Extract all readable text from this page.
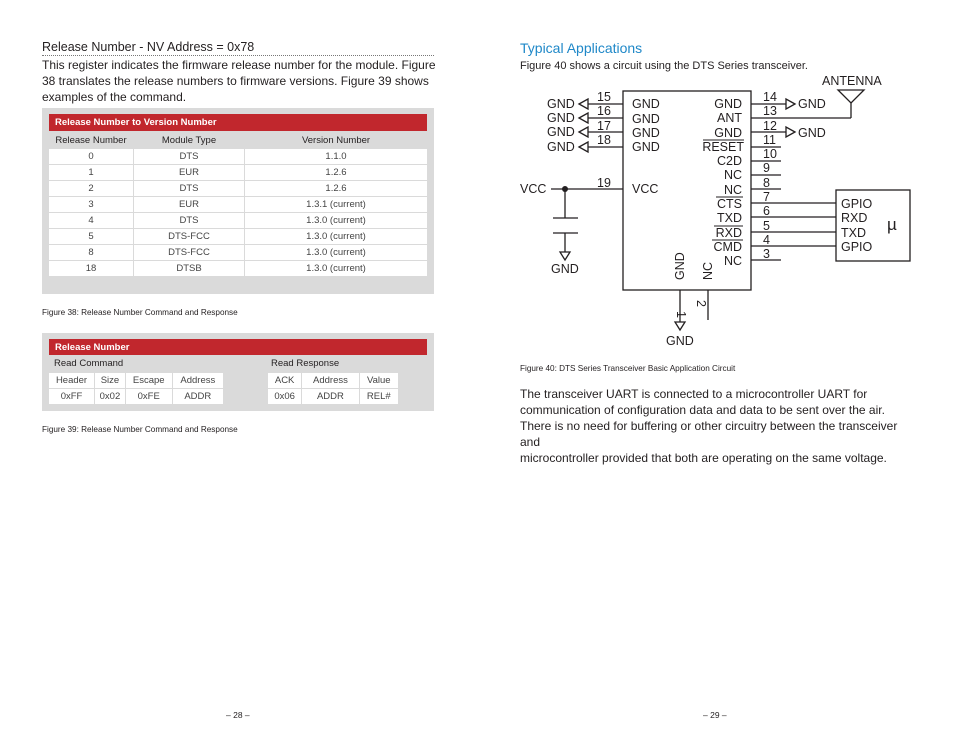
Release Number - NV Address = 0x78
This register indicates the firmware release number for the module. Figure
38 translates the release numbers to firmware versions. Figure 39 shows
examples of the command.
Release Number to Version Number
Release Number	Module Type	Version Number
0	DTS	1.1.0
1	EUR	1.2.6
2	DTS	1.2.6
3	EUR	1.3.1 (current)
4	DTS	1.3.0 (current)
5	DTS-FCC	1.3.0 (current)
8	DTS-FCC	1.3.0 (current)
18	DTSB	1.3.0 (current)
Figure 38: Release Number Command and Response
Release Number
Read Command	Read Response
Header	Size	Escape	Address
0xFF	0x02	0xFE	ADDR
ACK	Address	Value
0x06	ADDR	REL#
Figure 39: Release Number Command and Response
– 28 –
Typical Applications
Figure 40 shows a circuit using the DTS Series transceiver.
ANTENNA
GND
GND
GND
GND
VCC
GND
15
16
17
18
19
GND
GND
GND
GND
VCC
GND
ANT
GND
RESET
C2D
NC
NC
CTS
TXD
RXD
CMD
NC
14
13
12
11
10
9
8
7
6
5
4
3
GND
GND
GPIO
RXD
TXD
GPIO
µ
GND
GND NC
1
2
Figure 40: DTS Series Transceiver Basic Application Circuit
The transceiver UART is connected to a microcontroller UART for
communication of configuration data and data to be sent over the air.
There is no need for buffering or other circuitry between the transceiver and
microcontroller provided that both are operating on the same voltage.
– 29 –
